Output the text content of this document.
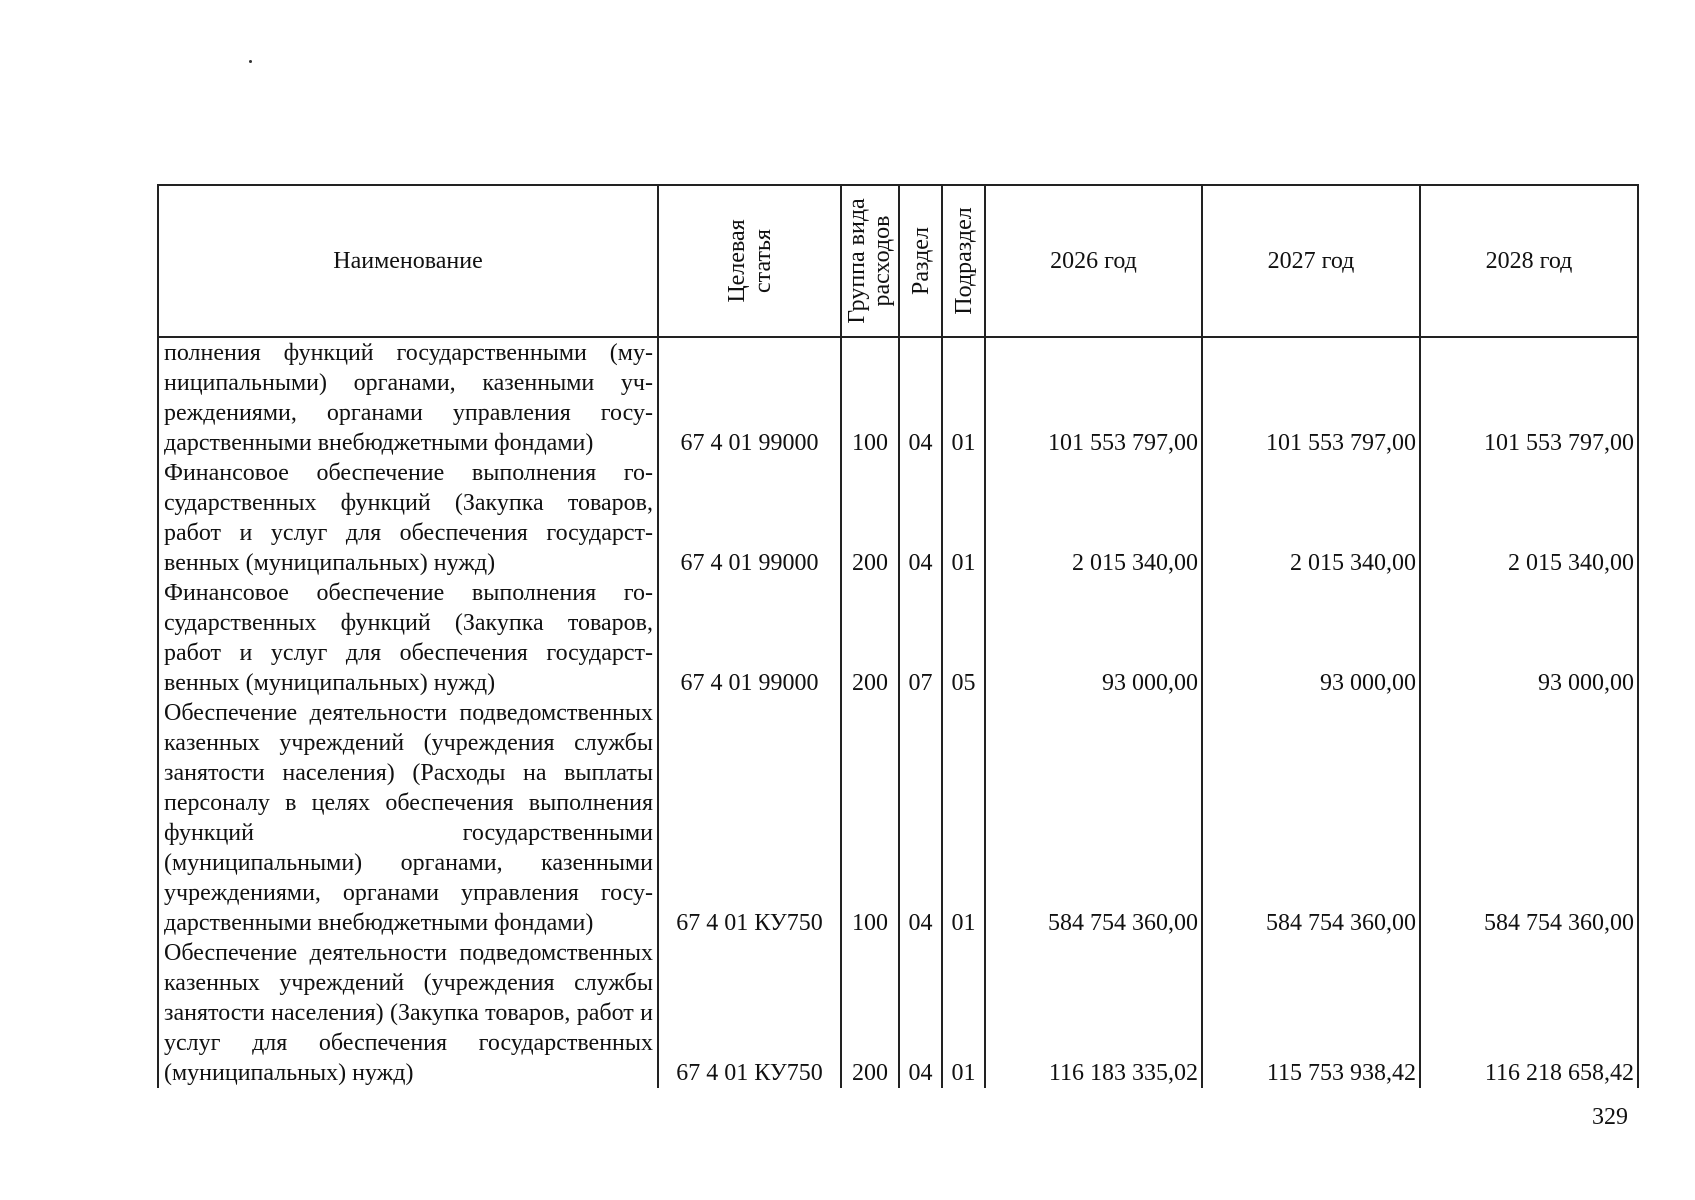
Наименование	Целевая статья	Группа вида расходов	Раздел	Подраздел	2026 год	2027 год	2028 год
полнения функций государственными (муниципальными) органами, казенными учреждениями, органами управления государственными внебюджетными фондами)	67 4 01 99000	100	04	01	101 553 797,00	101 553 797,00	101 553 797,00
Финансовое обеспечение выполнения государственных функций (Закупка товаров, работ и услуг для обеспечения государственных (муниципальных) нужд)	67 4 01 99000	200	04	01	2 015 340,00	2 015 340,00	2 015 340,00
Финансовое обеспечение выполнения государственных функций (Закупка товаров, работ и услуг для обеспечения государственных (муниципальных) нужд)	67 4 01 99000	200	07	05	93 000,00	93 000,00	93 000,00
Обеспечение деятельности подведомственных казенных учреждений (учреждения службы занятости населения) (Расходы на выплаты персоналу в целях обеспечения выполнения функций государственными (муниципальными) органами, казенными учреждениями, органами управления государственными внебюджетными фондами)	67 4 01 КУ750	100	04	01	584 754 360,00	584 754 360,00	584 754 360,00
Обеспечение деятельности подведомственных казенных учреждений (учреждения службы занятости населения) (Закупка товаров, работ и услуг для обеспечения государственных (муниципальных) нужд)	67 4 01 КУ750	200	04	01	116 183 335,02	115 753 938,42	116 218 658,42
329
